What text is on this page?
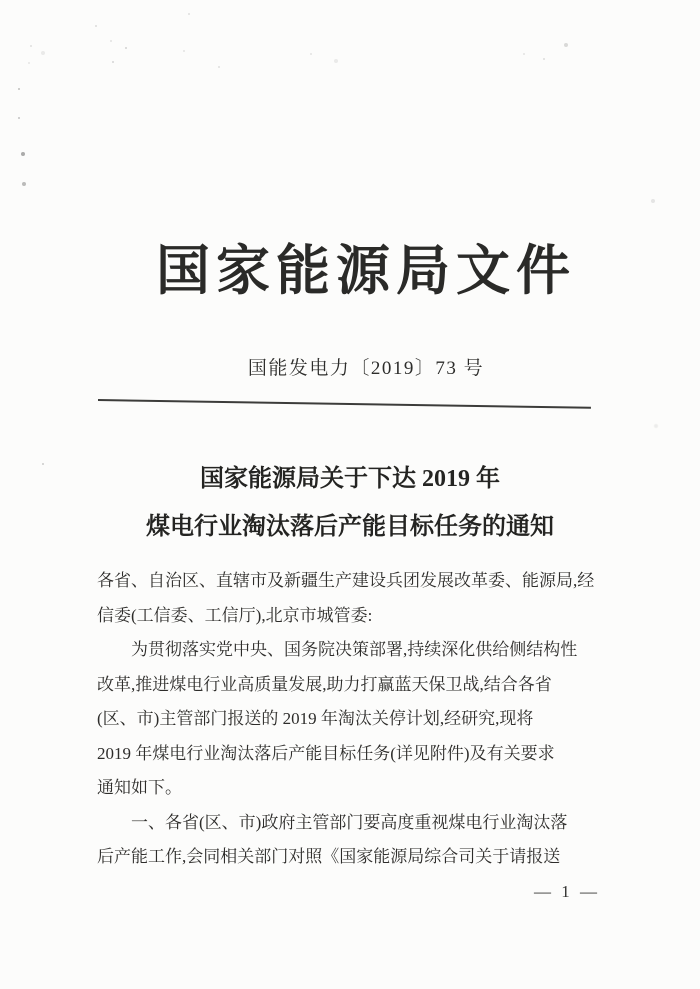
国家能源局文件
国能发电力〔2019〕73 号
国家能源局关于下达 2019 年
煤电行业淘汰落后产能目标任务的通知
各省、自治区、直辖市及新疆生产建设兵团发展改革委、能源局,经
信委(工信委、工信厅),北京市城管委:
为贯彻落实党中央、国务院决策部署,持续深化供给侧结构性
改革,推进煤电行业高质量发展,助力打赢蓝天保卫战,结合各省
(区、市)主管部门报送的 2019 年淘汰关停计划,经研究,现将
2019 年煤电行业淘汰落后产能目标任务(详见附件)及有关要求
通知如下。
一、各省(区、市)政府主管部门要高度重视煤电行业淘汰落
后产能工作,会同相关部门对照《国家能源局综合司关于请报送
— 1 —
